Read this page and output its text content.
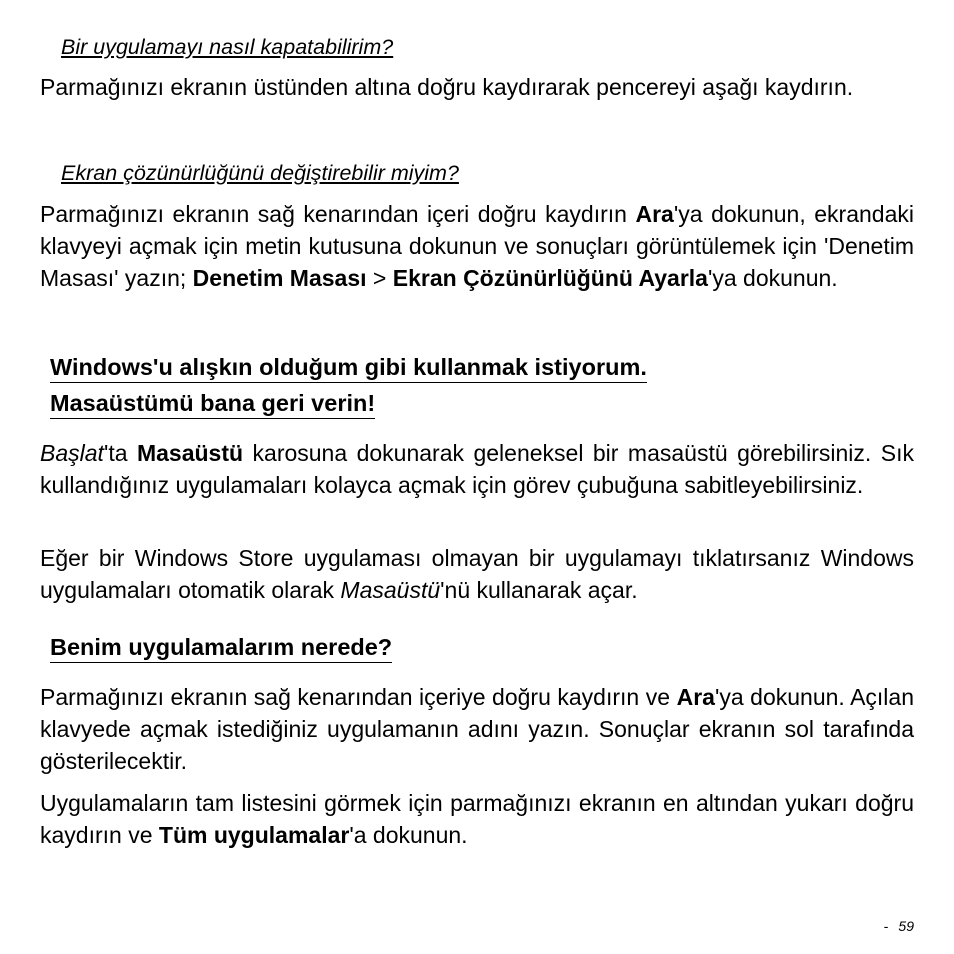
Bir uygulamayı nasıl kapatabilirim?

Parmağınızı ekranın üstünden altına doğru kaydırarak pencereyi aşağı kaydırın.

Ekran çözünürlüğünü değiştirebilir miyim?

Parmağınızı ekranın sağ kenarından içeri doğru kaydırın Ara'ya dokunun, ekrandaki klavyeyi açmak için metin kutusuna dokunun ve sonuçları görüntülemek için 'Denetim Masası' yazın; Denetim Masası > Ekran Çözünürlüğünü Ayarla'ya dokunun.

Windows'u alışkın olduğum gibi kullanmak istiyorum.
Masaüstümü bana geri verin!

Başlat'ta Masaüstü karosuna dokunarak geleneksel bir masaüstü görebilirsiniz. Sık kullandığınız uygulamaları kolayca açmak için görev çubuğuna sabitleyebilirsiniz.

Eğer bir Windows Store uygulaması olmayan bir uygulamayı tıklatırsanız Windows uygulamaları otomatik olarak Masaüstü'nü kullanarak açar.

Benim uygulamalarım nerede?

Parmağınızı ekranın sağ kenarından içeriye doğru kaydırın ve Ara'ya dokunun. Açılan klavyede açmak istediğiniz uygulamanın adını yazın. Sonuçlar ekranın sol tarafında gösterilecektir.

Uygulamaların tam listesini görmek için parmağınızı ekranın en altından yukarı doğru kaydırın ve Tüm uygulamalar'a dokunun.

- 59
